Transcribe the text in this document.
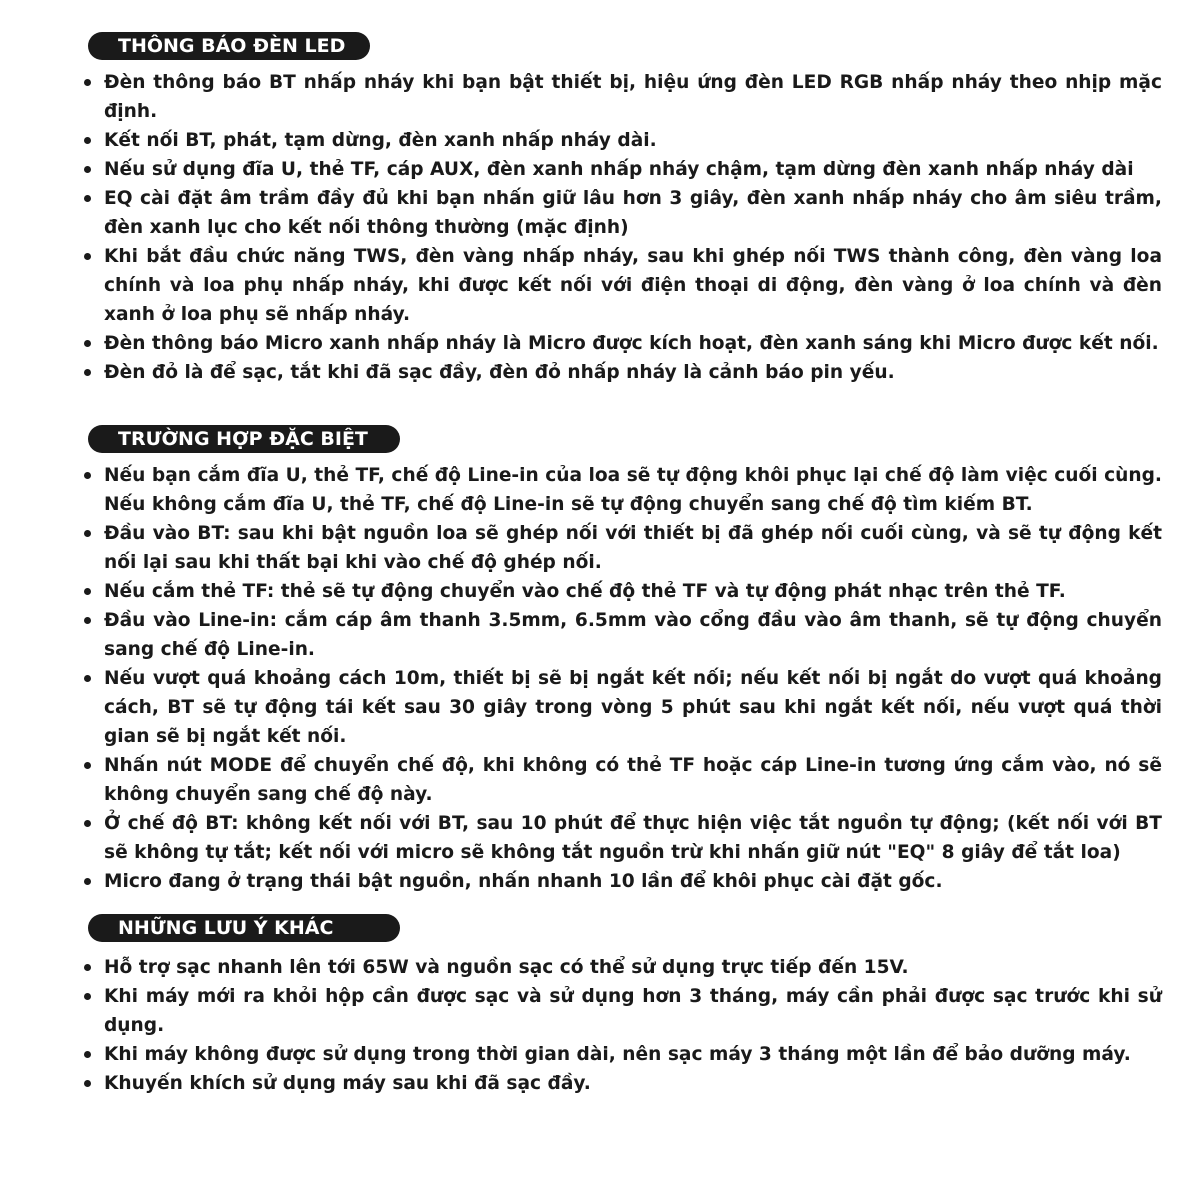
THÔNG BÁO ĐÈN LED
Đèn thông báo BT nhấp nháy khi bạn bật thiết bị, hiệu ứng đèn LED RGB nhấp nháy theo nhịp mặc định.
Kết nối BT, phát, tạm dừng, đèn xanh nhấp nháy dài.
Nếu sử dụng đĩa U, thẻ TF, cáp AUX, đèn xanh nhấp nháy chậm, tạm dừng đèn xanh nhấp nháy dài
EQ cài đặt âm trầm đầy đủ khi bạn nhấn giữ lâu hơn 3 giây, đèn xanh nhấp nháy cho âm siêu trầm, đèn xanh lục cho kết nối thông thường (mặc định)
Khi bắt đầu chức năng TWS, đèn vàng nhấp nháy, sau khi ghép nối TWS thành công, đèn vàng loa chính và loa phụ nhấp nháy, khi được kết nối với điện thoại di động, đèn vàng ở loa chính và đèn xanh ở loa phụ sẽ nhấp nháy.
Đèn thông báo Micro xanh nhấp nháy là Micro được kích hoạt, đèn xanh sáng khi Micro được kết nối.
Đèn đỏ là để sạc, tắt khi đã sạc đầy, đèn đỏ nhấp nháy là cảnh báo pin yếu.
TRƯỜNG HỢP ĐẶC BIỆT
Nếu bạn cắm đĩa U, thẻ TF, chế độ Line-in của loa sẽ tự động khôi phục lại chế độ làm việc cuối cùng. Nếu không cắm đĩa U, thẻ TF, chế độ Line-in sẽ tự động chuyển sang chế độ tìm kiếm BT.
Đầu vào BT: sau khi bật nguồn loa sẽ ghép nối với thiết bị đã ghép nối cuối cùng, và sẽ tự động kết nối lại sau khi thất bại khi vào chế độ ghép nối.
Nếu cắm thẻ TF: thẻ sẽ tự động chuyển vào chế độ thẻ TF và tự động phát nhạc trên thẻ TF.
Đầu vào Line-in: cắm cáp âm thanh 3.5mm, 6.5mm vào cổng đầu vào âm thanh, sẽ tự động chuyển sang chế độ Line-in.
Nếu vượt quá khoảng cách 10m, thiết bị sẽ bị ngắt kết nối; nếu kết nối bị ngắt do vượt quá khoảng cách, BT sẽ tự động tái kết sau 30 giây trong vòng 5 phút sau khi ngắt kết nối, nếu vượt quá thời gian sẽ bị ngắt kết nối.
Nhấn nút MODE để chuyển chế độ, khi không có thẻ TF hoặc cáp Line-in tương ứng cắm vào, nó sẽ không chuyển sang chế độ này.
Ở chế độ BT: không kết nối với BT, sau 10 phút để thực hiện việc tắt nguồn tự động; (kết nối với BT sẽ không tự tắt; kết nối với micro sẽ không tắt nguồn trừ khi nhấn giữ nút "EQ" 8 giây để tắt loa)
Micro đang ở trạng thái bật nguồn, nhấn nhanh 10 lần để khôi phục cài đặt gốc.
NHỮNG LƯU Ý KHÁC
Hỗ trợ sạc nhanh lên tới 65W và nguồn sạc có thể sử dụng trực tiếp đến 15V.
Khi máy mới ra khỏi hộp cần được sạc và sử dụng hơn 3 tháng, máy cần phải được sạc trước khi sử dụng.
Khi máy không được sử dụng trong thời gian dài, nên sạc máy 3 tháng một lần để bảo dưỡng máy.
Khuyến khích sử dụng máy sau khi đã sạc đầy.
